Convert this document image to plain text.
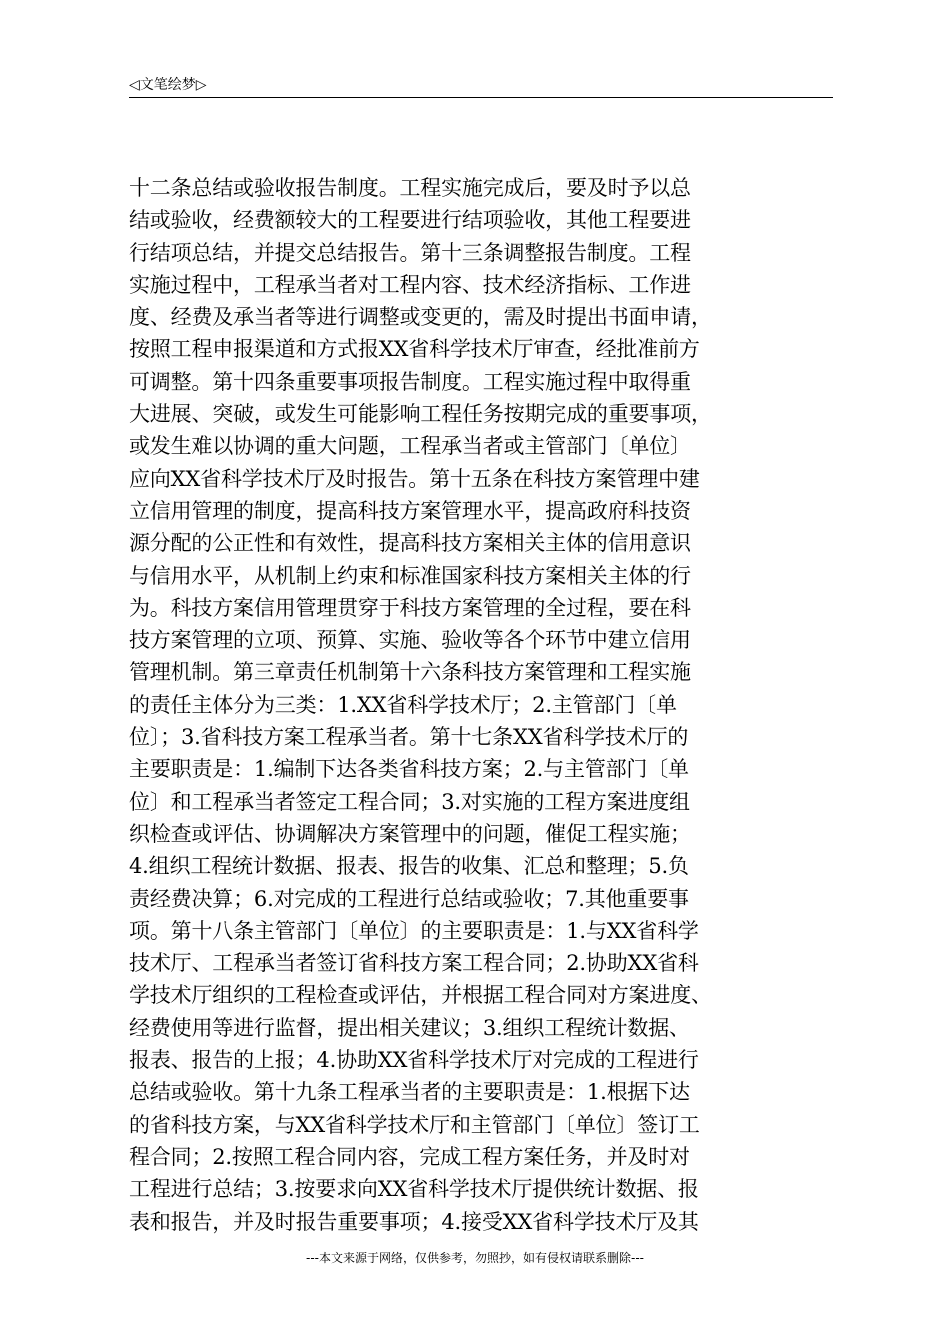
◁文笔绘梦▷
十二条总结或验收报告制度。工程实施完成后，要及时予以总
结或验收，经费额较大的工程要进行结项验收，其他工程要进
行结项总结，并提交总结报告。第十三条调整报告制度。工程
实施过程中，工程承当者对工程内容、技术经济指标、工作进
度、经费及承当者等进行调整或变更的，需及时提出书面申请，
按照工程申报渠道和方式报XX省科学技术厅审查，经批准前方
可调整。第十四条重要事项报告制度。工程实施过程中取得重
大进展、突破，或发生可能影响工程任务按期完成的重要事项，
或发生难以协调的重大问题，工程承当者或主管部门〔单位〕
应向XX省科学技术厅及时报告。第十五条在科技方案管理中建
立信用管理的制度，提高科技方案管理水平，提高政府科技资
源分配的公正性和有效性，提高科技方案相关主体的信用意识
与信用水平，从机制上约束和标准国家科技方案相关主体的行
为。科技方案信用管理贯穿于科技方案管理的全过程，要在科
技方案管理的立项、预算、实施、验收等各个环节中建立信用
管理机制。第三章责任机制第十六条科技方案管理和工程实施
的责任主体分为三类：1.XX省科学技术厅；2.主管部门〔单
位〕；3.省科技方案工程承当者。第十七条XX省科学技术厅的
主要职责是：1.编制下达各类省科技方案；2.与主管部门〔单
位〕和工程承当者签定工程合同；3.对实施的工程方案进度组
织检查或评估、协调解决方案管理中的问题，催促工程实施；
4.组织工程统计数据、报表、报告的收集、汇总和整理；5.负
责经费决算；6.对完成的工程进行总结或验收；7.其他重要事
项。第十八条主管部门〔单位〕的主要职责是：1.与XX省科学
技术厅、工程承当者签订省科技方案工程合同；2.协助XX省科
学技术厅组织的工程检查或评估，并根据工程合同对方案进度、
经费使用等进行监督，提出相关建议；3.组织工程统计数据、
报表、报告的上报；4.协助XX省科学技术厅对完成的工程进行
总结或验收。第十九条工程承当者的主要职责是：1.根据下达
的省科技方案，与XX省科学技术厅和主管部门〔单位〕签订工
程合同；2.按照工程合同内容，完成工程方案任务，并及时对
工程进行总结；3.按要求向XX省科学技术厅提供统计数据、报
表和报告，并及时报告重要事项；4.接受XX省科学技术厅及其
---本文来源于网络，仅供参考，勿照抄，如有侵权请联系删除---
